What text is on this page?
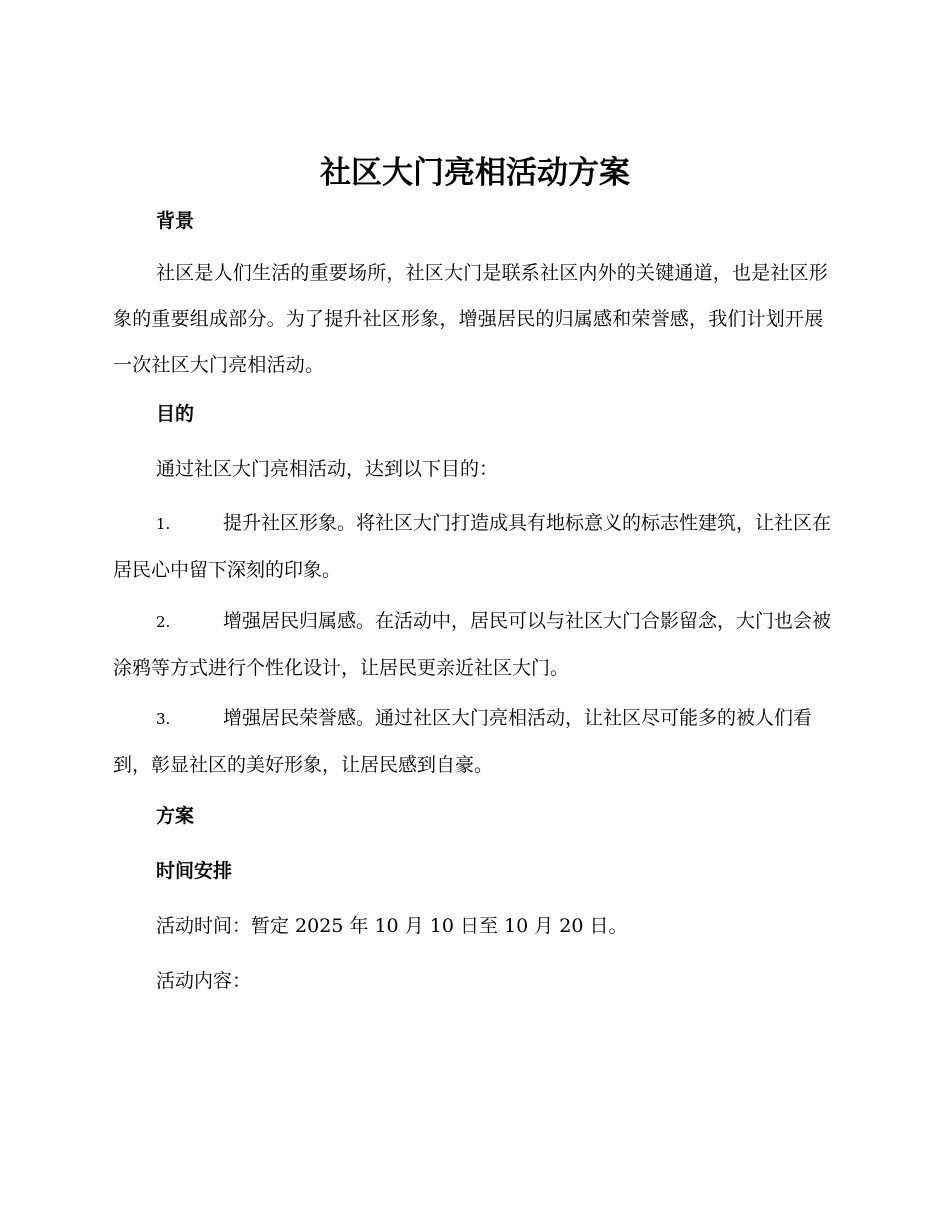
社区大门亮相活动方案
背景

社区是人们生活的重要场所，社区大门是联系社区内外的关键通道，也是社区形象的重要组成部分。为了提升社区形象，增强居民的归属感和荣誉感，我们计划开展一次社区大门亮相活动。

目的
通过社区大门亮相活动，达到以下目的：

1.	提升社区形象。将社区大门打造成具有地标意义的标志性建筑，让社区在居民心中留下深刻的印象。

2.	增强居民归属感。在活动中，居民可以与社区大门合影留念，大门也会被涂鸦等方式进行个性化设计，让居民更亲近社区大门。

3.	增强居民荣誉感。通过社区大门亮相活动，让社区尽可能多的被人们看到，彰显社区的美好形象，让居民感到自豪。

方案
时间安排
活动时间：暂定 2025 年 10 月 10 日至 10 月 20 日。
活动内容：
